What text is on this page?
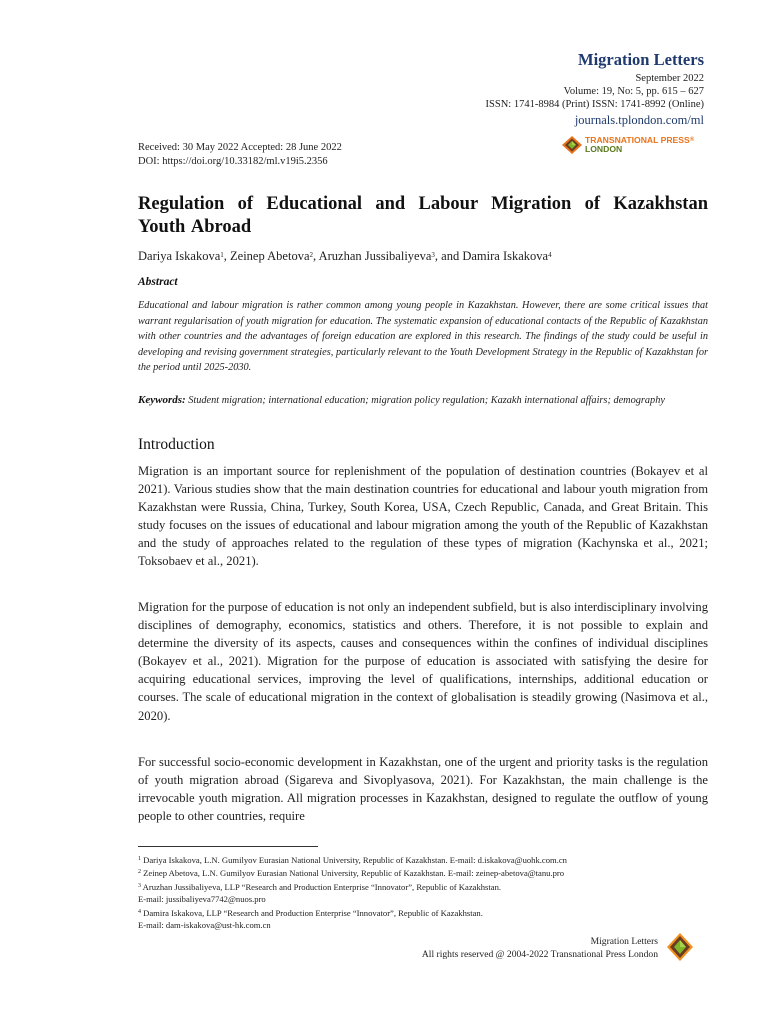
Migration Letters
September 2022
Volume: 19, No: 5, pp. 615 – 627
ISSN: 1741-8984 (Print) ISSN: 1741-8992 (Online)
journals.tplondon.com/ml
TRANSNATIONAL PRESS®
LONDON
Received: 30 May 2022 Accepted: 28 June 2022
DOI: https://doi.org/10.33182/ml.v19i5.2356
Regulation of Educational and Labour Migration of Kazakhstan Youth Abroad
Dariya Iskakova$^1$, Zeinep Abetova$^2$, Aruzhan Jussibaliyeva$^3$, and Damira Iskakova$^4$
Abstract
Educational and labour migration is rather common among young people in Kazakhstan. However, there are some critical issues that warrant regularisation of youth migration for education. The systematic expansion of educational contacts of the Republic of Kazakhstan with other countries and the advantages of foreign education are explored in this research. The findings of the study could be useful in developing and revising government strategies, particularly relevant to the Youth Development Strategy in the Republic of Kazakhstan for the period until 2025-2030.
Keywords: Student migration; international education; migration policy regulation; Kazakh international affairs; demography
Introduction
Migration is an important source for replenishment of the population of destination countries (Bokayev et al 2021). Various studies show that the main destination countries for educational and labour youth migration from Kazakhstan were Russia, China, Turkey, South Korea, USA, Czech Republic, Canada, and Great Britain. This study focuses on the issues of educational and labour migration among the youth of the Republic of Kazakhstan and the study of approaches related to the regulation of these types of migration (Kachynska et al., 2021; Toksobaev et al., 2021).
Migration for the purpose of education is not only an independent subfield, but is also interdisciplinary involving disciplines of demography, economics, statistics and others. Therefore, it is not possible to explain and determine the diversity of its aspects, causes and consequences within the confines of individual disciplines (Bokayev et al., 2021). Migration for the purpose of education is associated with satisfying the desire for acquiring educational services, improving the level of qualifications, internships, additional education or courses. The scale of educational migration in the context of globalisation is steadily growing (Nasimova et al., 2020).
For successful socio-economic development in Kazakhstan, one of the urgent and priority tasks is the regulation of youth migration abroad (Sigareva and Sivoplyasova, 2021). For Kazakhstan, the main challenge is the irrevocable youth migration. All migration processes in Kazakhstan, designed to regulate the outflow of young people to other countries, require
$^1$ Dariya Iskakova, L.N. Gumilyov Eurasian National University, Republic of Kazakhstan. E-mail: d.iskakova@uohk.com.cn
$^2$ Zeinep Abetova, L.N. Gumilyov Eurasian National University, Republic of Kazakhstan. E-mail: zeinep-abetova@tanu.pro
$^3$ Aruzhan Jussibaliyeva, LLP “Research and Production Enterprise “Innovator”, Republic of Kazakhstan.
E-mail: jussibaliyeva7742@nuos.pro
$^4$ Damira Iskakova, LLP “Research and Production Enterprise “Innovator”, Republic of Kazakhstan.
E-mail: dam-iskakova@ust-hk.com.cn
Migration Letters
All rights reserved @ 2004-2022 Transnational Press London
